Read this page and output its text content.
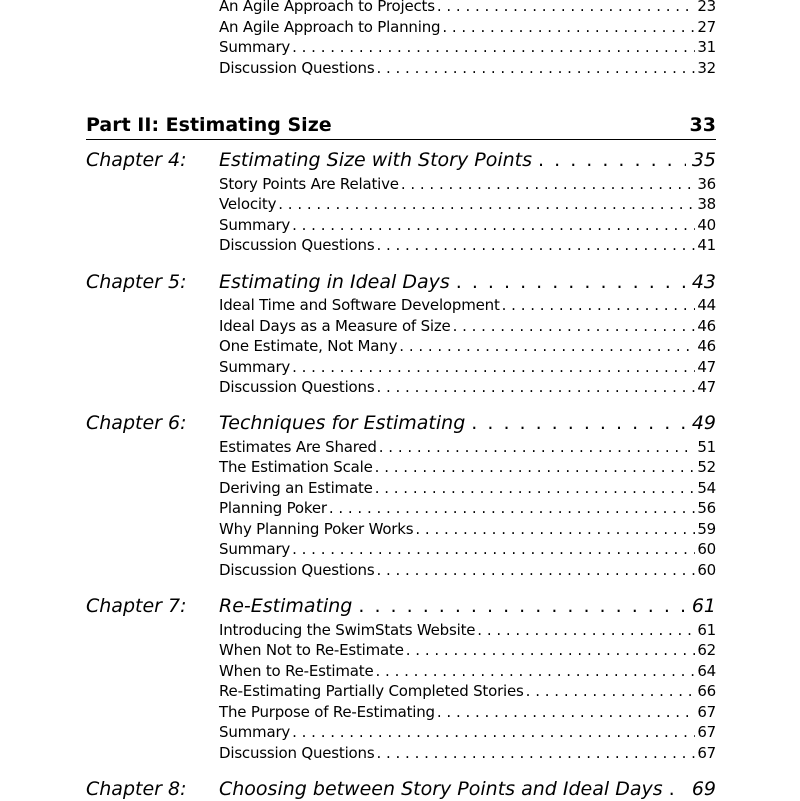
An Agile Approach to Projects . . .	23
An Agile Approach to Planning . . .	27
Summary . . .	31
Discussion Questions . . .	32
Part II: Estimating Size	33
Chapter 4: Estimating Size with Story Points . . .	35
Story Points Are Relative . . .	36
Velocity . . .	38
Summary . . .	40
Discussion Questions . . .	41
Chapter 5: Estimating in Ideal Days . . .	43
Ideal Time and Software Development . . .	44
Ideal Days as a Measure of Size . . .	46
One Estimate, Not Many . . .	46
Summary . . .	47
Discussion Questions . . .	47
Chapter 6: Techniques for Estimating . . .	49
Estimates Are Shared . . .	51
The Estimation Scale . . .	52
Deriving an Estimate . . .	54
Planning Poker . . .	56
Why Planning Poker Works . . .	59
Summary . . .	60
Discussion Questions . . .	60
Chapter 7: Re-Estimating . . .	61
Introducing the SwimStats Website . . .	61
When Not to Re-Estimate . . .	62
When to Re-Estimate . . .	64
Re-Estimating Partially Completed Stories . . .	66
The Purpose of Re-Estimating . . .	67
Summary . . .	67
Discussion Questions . . .	67
Chapter 8: Choosing between Story Points and Ideal Days . . . 69
